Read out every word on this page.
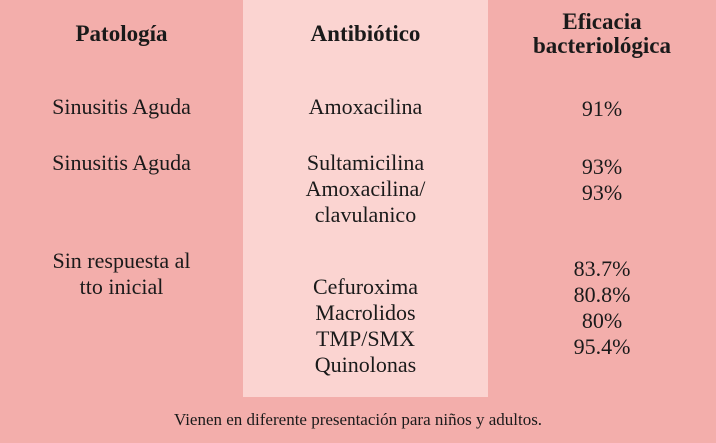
Patología
Sinusitis Aguda
Sinusitis Aguda
Sin respuesta al
tto inicial
Antibiótico
Amoxacilina
Sultamicilina
Amoxacilina/
clavulanico
Cefuroxima
Macrolidos
TMP/SMX
Quinolonas
Eficacia
bacteriológica
91%
93%
93%
83.7%
80.8%
80%
95.4%
Vienen en diferente presentación para niños y adultos.
